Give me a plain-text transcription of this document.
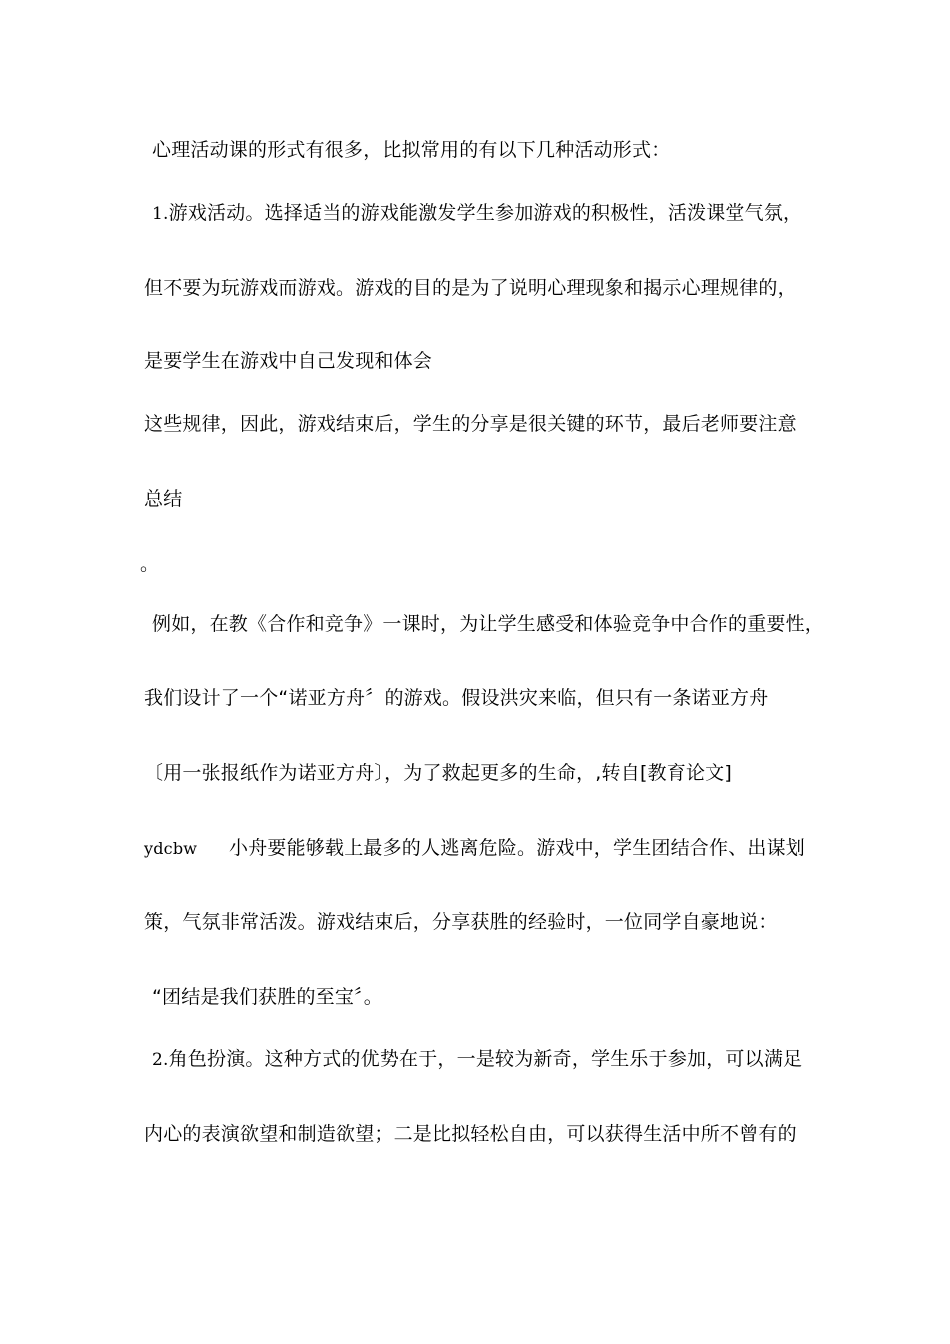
心理活动课的形式有很多，比拟常用的有以下几种活动形式：
1.游戏活动。选择适当的游戏能激发学生参加游戏的积极性，活泼课堂气氛，
但不要为玩游戏而游戏。游戏的目的是为了说明心理现象和揭示心理规律的，
是要学生在游戏中自己发现和体会
这些规律，因此，游戏结束后，学生的分享是很关键的环节，最后老师要注意
总结
。
例如，在教《合作和竞争》一课时，为让学生感受和体验竞争中合作的重要性，
我们设计了一个“诺亚方舟〞的游戏。假设洪灾来临，但只有一条诺亚方舟
〔用一张报纸作为诺亚方舟〕，为了救起更多的生命，,转自[教育论文]
ydcbw 小舟要能够载上最多的人逃离危险。游戏中，学生团结合作、出谋划
策，气氛非常活泼。游戏结束后，分享获胜的经验时，一位同学自豪地说：
“团结是我们获胜的至宝〞。
2.角色扮演。这种方式的优势在于，一是较为新奇，学生乐于参加，可以满足
内心的表演欲望和制造欲望；二是比拟轻松自由，可以获得生活中所不曾有的
